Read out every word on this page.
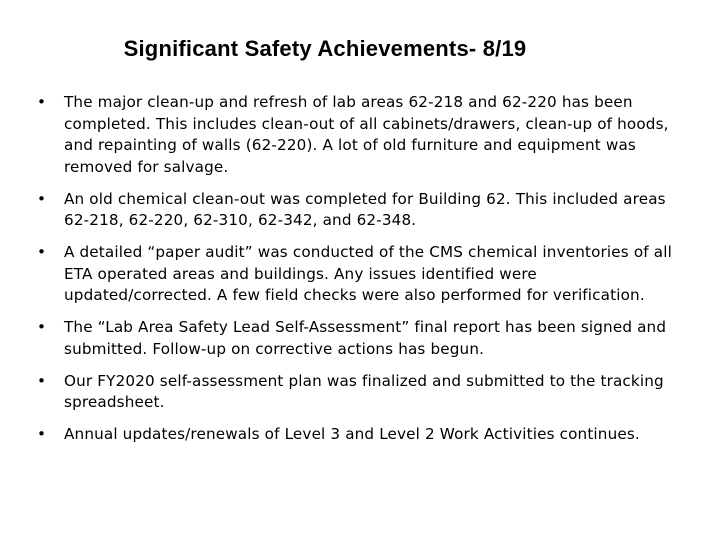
Significant Safety Achievements- 8/19
•	The major clean-up and refresh of lab areas 62-218 and 62-220 has been completed. This includes clean-out of all cabinets/drawers, clean-up of hoods, and repainting of walls (62-220). A lot of old furniture and equipment was removed for salvage.
•	An old chemical clean-out was completed for Building 62. This included areas 62-218, 62-220, 62-310, 62-342, and 62-348.
•	A detailed “paper audit” was conducted of the CMS chemical inventories of all ETA operated areas and buildings. Any issues identified were updated/corrected. A few field checks were also performed for verification.
•	The “Lab Area Safety Lead Self-Assessment” final report has been signed and submitted. Follow-up on corrective actions has begun.
•	Our FY2020 self-assessment plan was finalized and submitted to the tracking spreadsheet.
•	Annual updates/renewals of Level 3 and Level 2 Work Activities continues.
